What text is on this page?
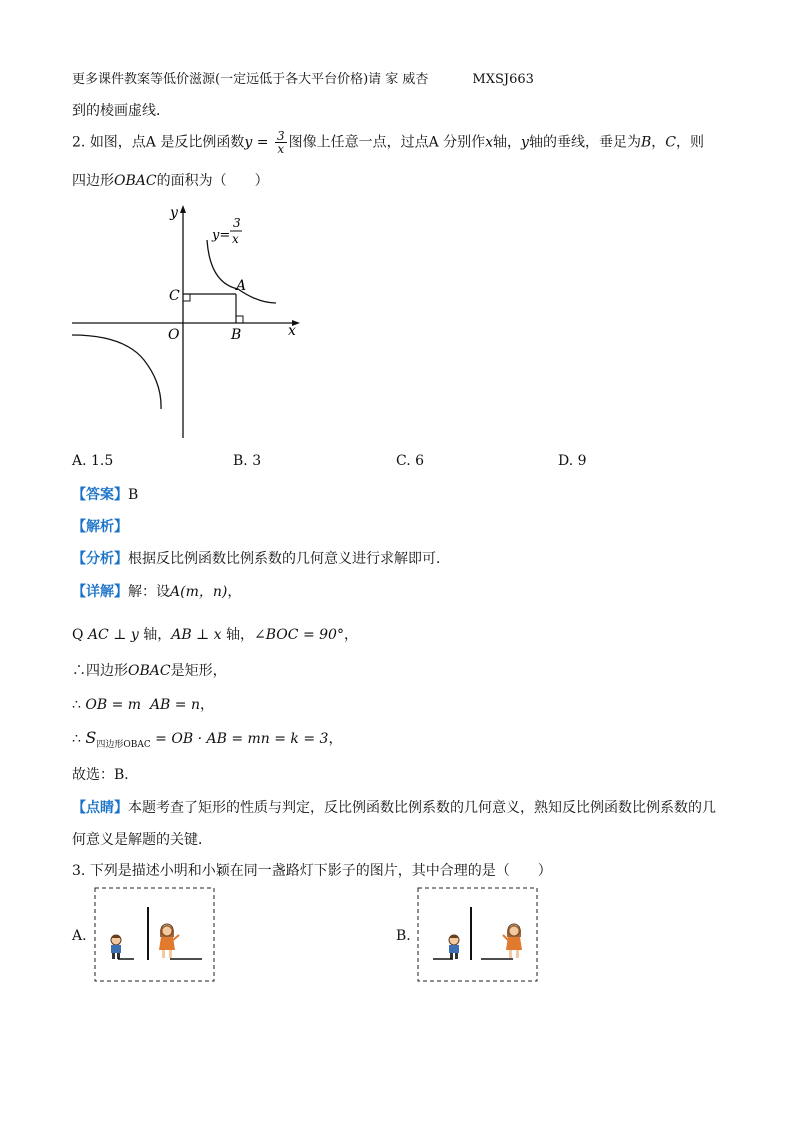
更多课件教案等低价滋源(一定远低于各大平台价格)请 家 威杏	MXSJ663
到的棱画虚线．
2. 如图，点A 是反比例函数$y = \frac{3}{x}$ 图像上任意一点，过点A 分别作x轴，y轴的垂线，垂足为B，C，则
四边形OBAC的面积为（　　）
y
x
O
A
B
C
y=
3
x
A. 1.5	B. 3	C. 6	D. 9
【答案】B
【解析】
【分析】根据反比例函数比例系数的几何意义进行求解即可．
【详解】解：设A(m，n)，
Q AC ⊥ y 轴，AB ⊥ x 轴，∠BOC = 90°，
∴四边形OBAC是矩形，
∴ OB = m  AB = n，
∴ $S_{四边形OBAC}$ = OB · AB = mn = k = 3，
故选：B．
【点睛】本题考查了矩形的性质与判定，反比例函数比例系数的几何意义，熟知反比例函数比例系数的几
何意义是解题的关键．
3. 下列是描述小明和小颖在同一盏路灯下影子的图片，其中合理的是（　　）
A.	B.
